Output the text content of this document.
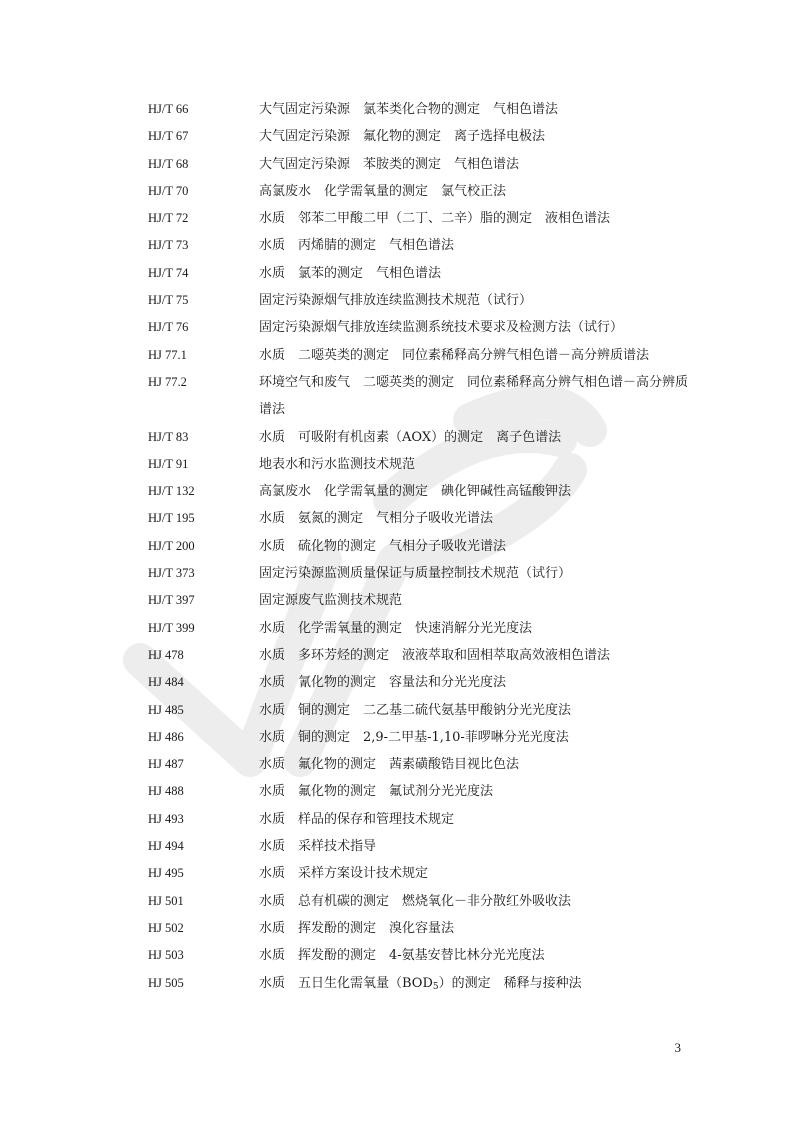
HJ/T 66	大气固定污染源　氯苯类化合物的测定　气相色谱法
HJ/T 67	大气固定污染源　氟化物的测定　离子选择电极法
HJ/T 68	大气固定污染源　苯胺类的测定　气相色谱法
HJ/T 70	高氯废水　化学需氧量的测定　氯气校正法
HJ/T 72	水质　邻苯二甲酸二甲（二丁、二辛）脂的测定　液相色谱法
HJ/T 73	水质　丙烯腈的测定　气相色谱法
HJ/T 74	水质　氯苯的测定　气相色谱法
HJ/T 75	固定污染源烟气排放连续监测技术规范（试行）
HJ/T 76	固定污染源烟气排放连续监测系统技术要求及检测方法（试行）
HJ 77.1	水质　二噁英类的测定　同位素稀释高分辨气相色谱－高分辨质谱法
HJ 77.2	环境空气和废气　二噁英类的测定　同位素稀释高分辨气相色谱－高分辨质谱法
HJ/T 83	水质　可吸附有机卤素（AOX）的测定　离子色谱法
HJ/T 91	地表水和污水监测技术规范
HJ/T 132	高氯废水　化学需氧量的测定　碘化钾碱性高锰酸钾法
HJ/T 195	水质　氨氮的测定　气相分子吸收光谱法
HJ/T 200	水质　硫化物的测定　气相分子吸收光谱法
HJ/T 373	固定污染源监测质量保证与质量控制技术规范（试行）
HJ/T 397	固定源废气监测技术规范
HJ/T 399	水质　化学需氧量的测定　快速消解分光光度法
HJ 478	水质　多环芳烃的测定　液液萃取和固相萃取高效液相色谱法
HJ 484	水质　氰化物的测定　容量法和分光光度法
HJ 485	水质　铜的测定　二乙基二硫代氨基甲酸钠分光光度法
HJ 486	水质　铜的测定　2,9-二甲基-1,10-菲啰啉分光光度法
HJ 487	水质　氟化物的测定　茜素磺酸锆目视比色法
HJ 488	水质　氟化物的测定　氟试剂分光光度法
HJ 493	水质　样品的保存和管理技术规定
HJ 494	水质　采样技术指导
HJ 495	水质　采样方案设计技术规定
HJ 501	水质　总有机碳的测定　燃烧氧化－非分散红外吸收法
HJ 502	水质　挥发酚的测定　溴化容量法
HJ 503	水质　挥发酚的测定　4-氨基安替比林分光光度法
HJ 505	水质　五日生化需氧量$(BOD_5)$的测定　稀释与接种法
3
